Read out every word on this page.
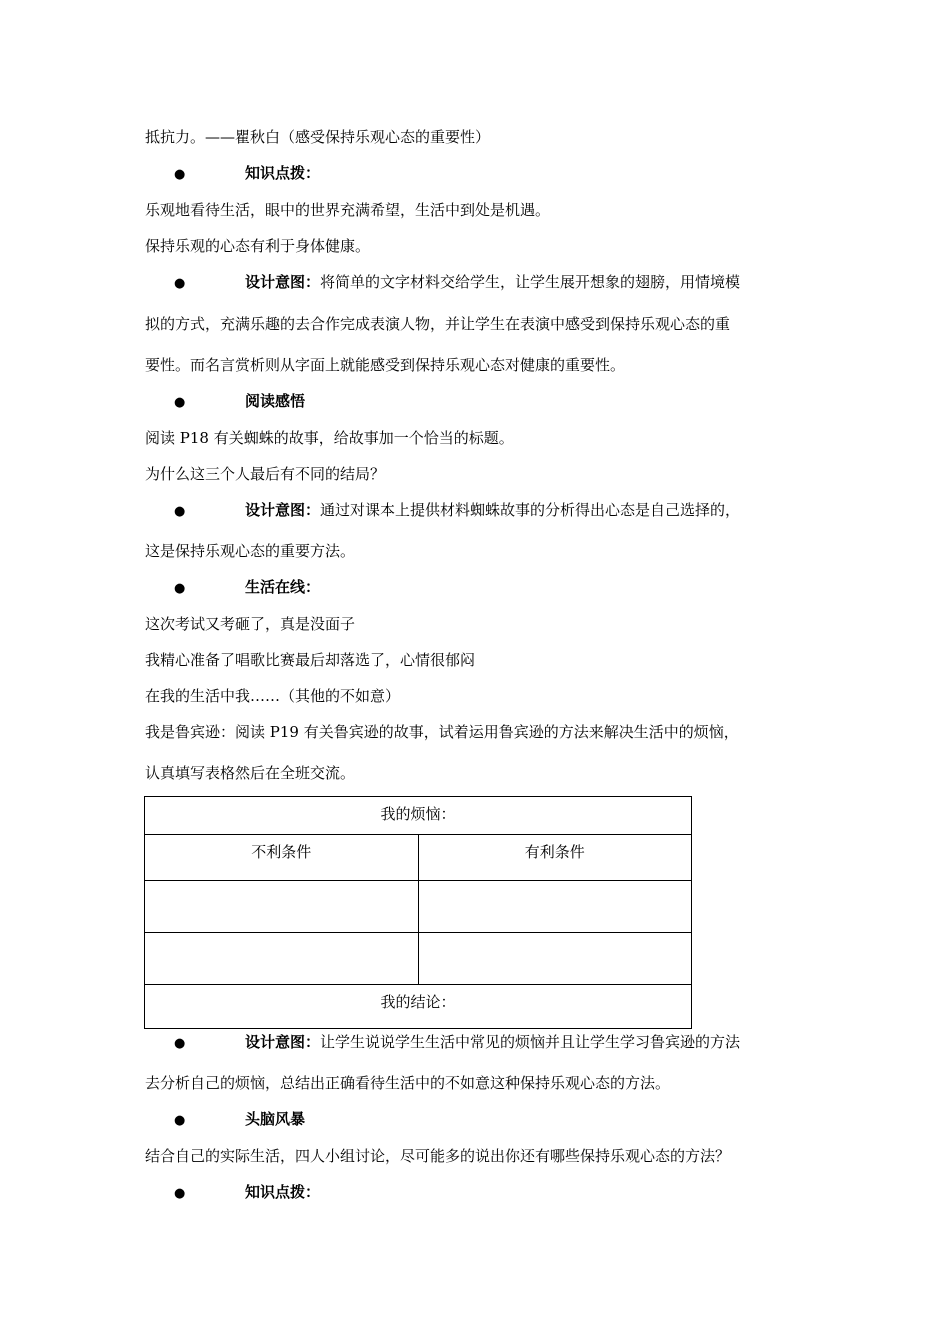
抵抗力。——瞿秋白（感受保持乐观心态的重要性）
●	知识点拨：
乐观地看待生活，眼中的世界充满希望，生活中到处是机遇。
保持乐观的心态有利于身体健康。
●	设计意图：将简单的文字材料交给学生，让学生展开想象的翅膀，用情境模
拟的方式，充满乐趣的去合作完成表演人物，并让学生在表演中感受到保持乐观心态的重
要性。而名言赏析则从字面上就能感受到保持乐观心态对健康的重要性。
●	阅读感悟
阅读 P18 有关蜘蛛的故事，给故事加一个恰当的标题。
为什么这三个人最后有不同的结局？
●	设计意图：通过对课本上提供材料蜘蛛故事的分析得出心态是自己选择的，
这是保持乐观心态的重要方法。
●	生活在线：
这次考试又考砸了，真是没面子
我精心准备了唱歌比赛最后却落选了，心情很郁闷
在我的生活中我……（其他的不如意）
我是鲁宾逊：阅读 P19 有关鲁宾逊的故事，试着运用鲁宾逊的方法来解决生活中的烦恼，
认真填写表格然后在全班交流。
我的烦恼：	
不利条件	有利条件

我的结论：	
●	设计意图：让学生说说学生生活中常见的烦恼并且让学生学习鲁宾逊的方法
去分析自己的烦恼，总结出正确看待生活中的不如意这种保持乐观心态的方法。
●	头脑风暴
结合自己的实际生活，四人小组讨论，尽可能多的说出你还有哪些保持乐观心态的方法？
●	知识点拨：
